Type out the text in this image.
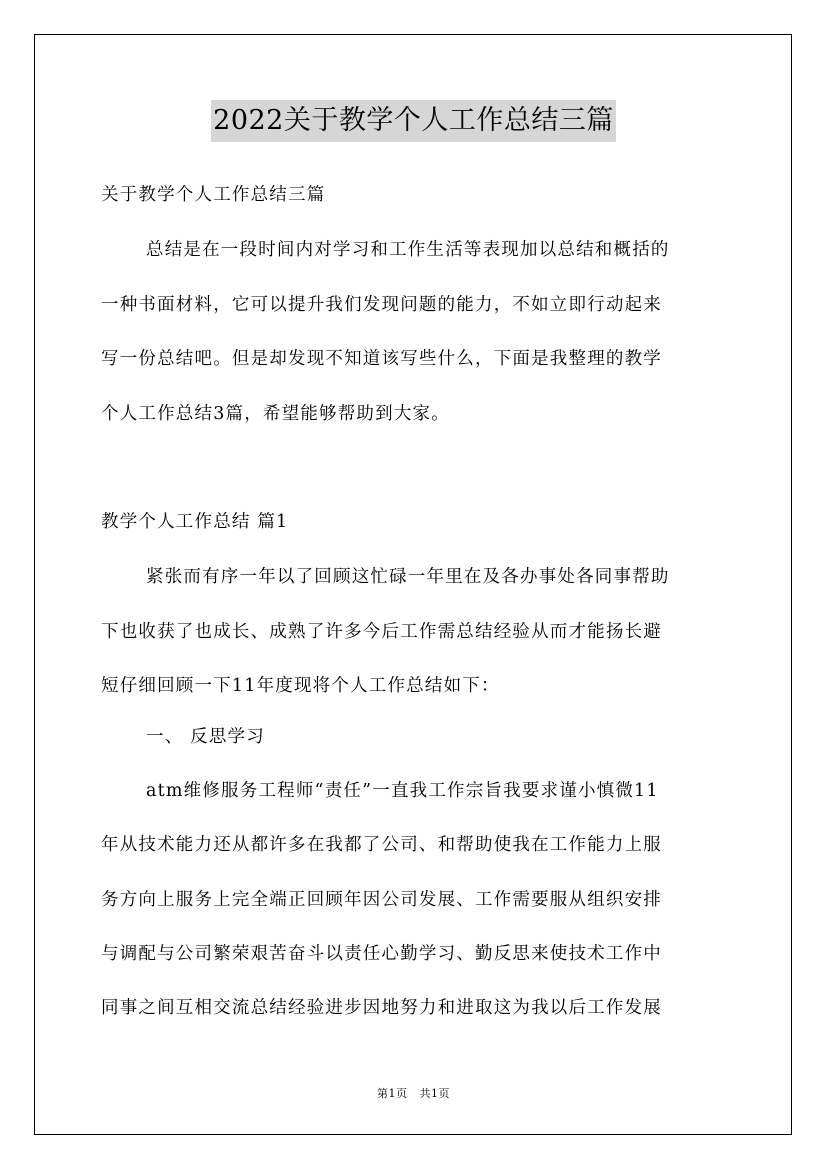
2022关于教学个人工作总结三篇
关于教学个人工作总结三篇
总结是在一段时间内对学习和工作生活等表现加以总结和概括的
一种书面材料，它可以提升我们发现问题的能力，不如立即行动起来
写一份总结吧。但是却发现不知道该写些什么，下面是我整理的教学
个人工作总结3篇，希望能够帮助到大家。
教学个人工作总结 篇1
紧张而有序一年以了回顾这忙碌一年里在及各办事处各同事帮助
下也收获了也成长、成熟了许多今后工作需总结经验从而才能扬长避
短仔细回顾一下11年度现将个人工作总结如下：
一、 反思学习
atm维修服务工程师“责任”一直我工作宗旨我要求谨小慎微11
年从技术能力还从都许多在我都了公司、和帮助使我在工作能力上服
务方向上服务上完全端正回顾年因公司发展、工作需要服从组织安排
与调配与公司繁荣艰苦奋斗以责任心勤学习、勤反思来使技术工作中
同事之间互相交流总结经验进步因地努力和进取这为我以后工作发展
第1页 共1页
